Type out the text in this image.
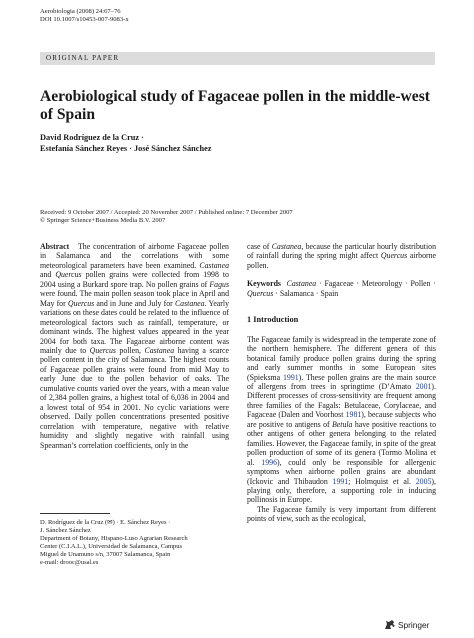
Aerobiologia (2008) 24:67–76
DOI 10.1007/s10453-007-9083-x
ORIGINAL PAPER
Aerobiological study of Fagaceae pollen in the middle-west of Spain
David Rodríguez de la Cruz ·
Estefanía Sánchez Reyes · José Sánchez Sánchez
Received: 9 October 2007 / Accepted: 20 November 2007 / Published online: 7 December 2007
© Springer Science+Business Media B.V. 2007

Abstract The concentration of airborne Fagaceae pollen in Salamanca and the correlations with some meteorological parameters have been examined. Castanea and Quercus pollen grains were collected from 1998 to 2004 using a Burkard spore trap. No pollen grains of Fagus were found. The main pollen season took place in April and May for Quercus and in June and July for Castanea. Yearly variations on these dates could be related to the influence of meteorological factors such as rainfall, temperature, or dominant winds. The highest values appeared in the year 2004 for both taxa. The Fagaceae airborne content was mainly due to Quercus pollen, Castanea having a scarce pollen content in the city of Salamanca. The highest counts of Fagaceae pollen grains were found from mid May to early June due to the pollen behavior of oaks. The cumulative counts varied over the years, with a mean value of 2,384 pollen grains, a highest total of 6,036 in 2004 and a lowest total of 954 in 2001. No cyclic variations were observed. Daily pollen concentrations presented positive correlation with temperature, negative with relative humidity and slightly negative with rainfall using Spearman’s correlation coefficients, only in the

D. Rodríguez de la Cruz (✉) · E. Sánchez Reyes ·
J. Sánchez Sánchez
Department of Botany, Hispano-Luso Agrarian Research
Center (C.I.A.L.), Universidad de Salamanca, Campus
Miguel de Unamuno s/n, 37007 Salamanca, Spain
e-mail: drooc@usal.es

case of Castanea, because the particular hourly distribution of rainfall during the spring might affect Quercus airborne pollen.

Keywords Castanea · Fagaceae · Meteorology · Pollen · Quercus · Salamanca · Spain

1 Introduction

The Fagaceae family is widespread in the temperate zone of the northern hemisphere. The different genera of this botanical family produce pollen grains during the spring and early summer months in some European sites (Spieksma 1991). These pollen grains are the main source of allergens from trees in springtime (D’Amato 2001). Different processes of cross-sensitivity are frequent among three families of the Fagals: Betulaceae, Corylaceae, and Fagaceae (Dalen and Voorhost 1981), because subjects who are positive to antigens of Betula have positive reactions to other antigens of other genera belonging to the related families. However, the Fagaceae family, in spite of the great pollen production of some of its genera (Tormo Molina et al. 1996), could only be responsible for allergenic symptoms when airborne pollen grains are abundant (Ickovic and Thibaudon 1991; Holmquist et al. 2005), playing only, therefore, a supporting role in inducing pollinosis in Europe.

The Fagaceae family is very important from different points of view, such as the ecological,

Springer
